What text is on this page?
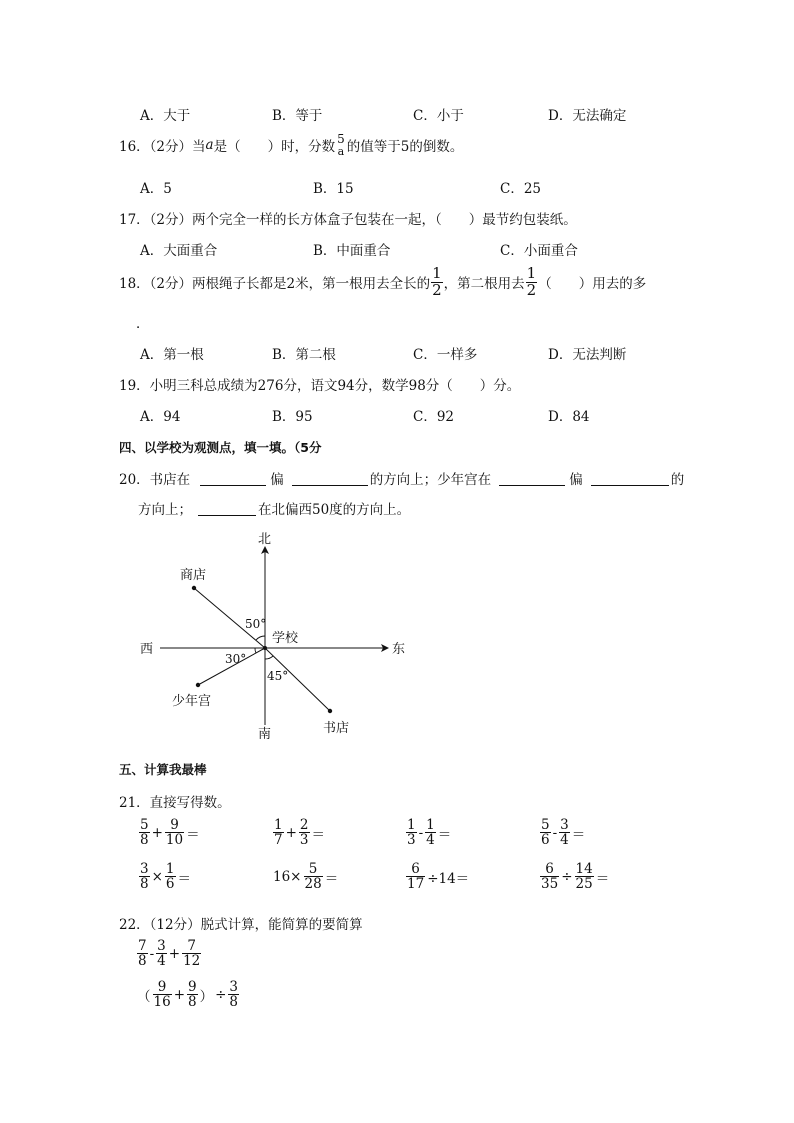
A．大于	B．等于	C．小于	D．无法确定
16．（2分）当 a 是（　　）时，分数
5
a 的值等于5的倒数。
A．5	B．15	C．25
17．（2分）两个完全一样的长方体盒子包装在一起，（　　）最节约包装纸。
A．大面重合	B．中面重合	C．小面重合
18．（2分）两根绳子长都是2米，第一根用去全长的 $\frac{1}{2}$ ，第二根用去 $\frac{1}{2}$ （　　）用去的多
．
A．第一根	B．第二根	C．一样多	D．无法判断
19．小明三科总成绩为276分，语文94分，数学98分（　　）分。
A．94	B．95	C．92	D．84
四、以学校为观测点，填一填。（5分
20．书店在	偏	的方向上；少年宫在	偏	的
方向上；	在北偏西50度的方向上。
北
南
东
西
学校
商店
少年宫
书店
50°
30°
45°
五、计算我最棒
21．直接写得数。
$\frac{5}{8} + \frac{9}{10}$ ＝	$\frac{1}{7} + \frac{2}{3}$ ＝	$\frac{1}{3} - \frac{1}{4}$ ＝	$\frac{5}{6} - \frac{3}{4}$ ＝
$\frac{3}{8} \times \frac{1}{6}$ ＝	$16\times \frac{5}{28}$ ＝	$\frac{6}{17} \div 14=$	$\frac{6}{35} \div \frac{14}{25}$ ＝
22．（12分）脱式计算，能简算的要简算
$\frac{7}{8} - \frac{3}{4} + \frac{7}{12}$
（ $\frac{9}{16} + \frac{9}{8}$ ） ÷ $\frac{3}{8}$
